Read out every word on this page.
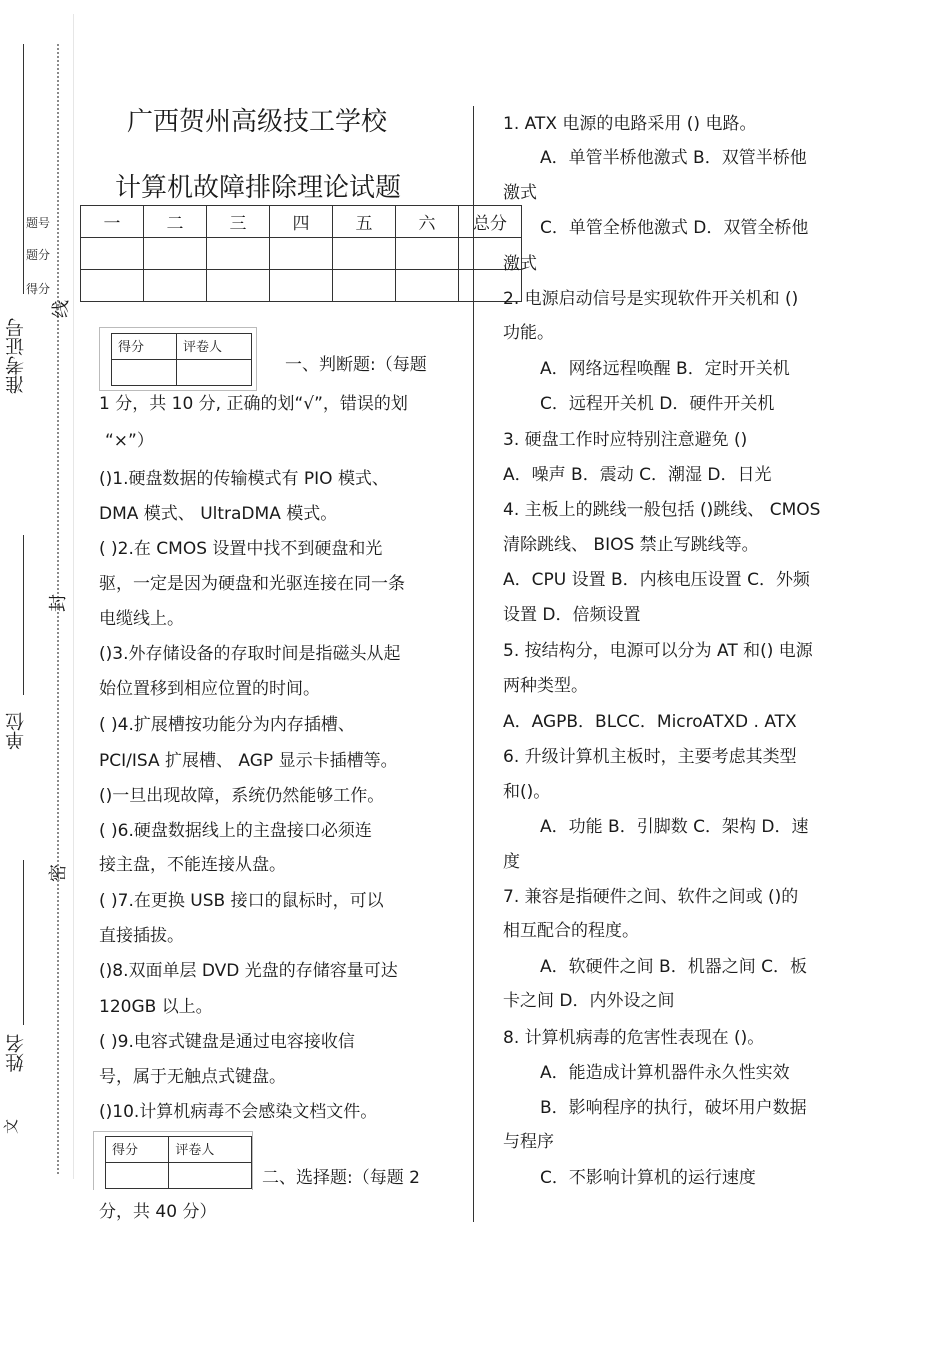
准考证号
单位
姓名
题号
题分
得分
线
封
密
文
广西贺州高级技工学校
计算机故障排除理论试题
一	二	三	四	五	六	总分

得分	评卷人

得分	评卷人

一、判断题:（每题
1 分，共 10 分, 正确的划“√”，错误的划
“×”）
()1.硬盘数据的传输模式有 PIO 模式、
DMA 模式、 UltraDMA 模式。
( )2.在 CMOS 设置中找不到硬盘和光
驱，一定是因为硬盘和光驱连接在同一条
电缆线上。
()3.外存储设备的存取时间是指磁头从起
始位置移到相应位置的时间。
( )4.扩展槽按功能分为内存插槽、
PCI/ISA 扩展槽、 AGP 显示卡插槽等。
()一旦出现故障，系统仍然能够工作。
( )6.硬盘数据线上的主盘接口必须连
接主盘，不能连接从盘。
( )7.在更换 USB 接口的鼠标时，可以
直接插拔。
()8.双面单层 DVD 光盘的存储容量可达
120GB 以上。
( )9.电容式键盘是通过电容接收信
号，属于无触点式键盘。
()10.计算机病毒不会感染文档文件。
二、选择题:（每题 2
分，共 40 分）
1. ATX 电源的电路采用 () 电路。
A．单管半桥他激式 B．双管半桥他
激式
C．单管全桥他激式 D．双管全桥他
激式
2. 电源启动信号是实现软件开关机和 ()
功能。
A．网络远程唤醒 B．定时开关机
C．远程开关机 D．硬件开关机
3. 硬盘工作时应特别注意避免 ()
A．噪声 B．震动 C．潮湿 D．日光
4. 主板上的跳线一般包括 ()跳线、 CMOS
清除跳线、 BIOS 禁止写跳线等。
A．CPU 设置 B．内核电压设置 C．外频
设置 D．倍频设置
5. 按结构分，电源可以分为 AT 和() 电源
两种类型。
A．AGPB．BLCC．MicroATXD . ATX
6. 升级计算机主板时，主要考虑其类型
和()。
A．功能 B．引脚数 C．架构 D．速
度
7. 兼容是指硬件之间、软件之间或 ()的
相互配合的程度。
A．软硬件之间 B．机器之间 C．板
卡之间 D．内外设之间
8. 计算机病毒的危害性表现在 ()。
A．能造成计算机器件永久性实效
B．影响程序的执行，破坏用户数据
与程序
C．不影响计算机的运行速度
